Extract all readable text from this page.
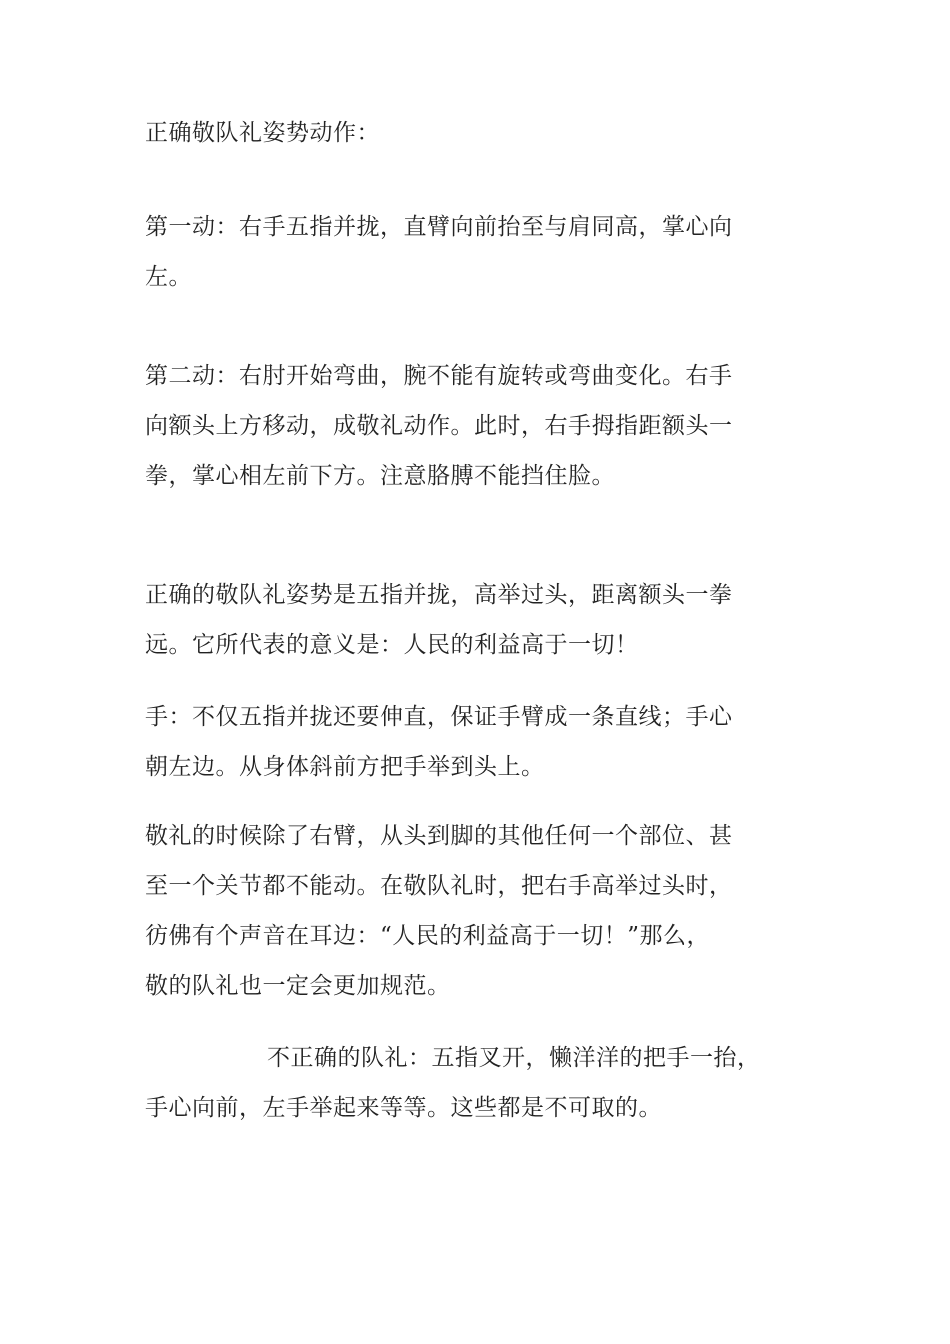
正确敬队礼姿势动作：

第一动：右手五指并拢，直臂向前抬至与肩同高，掌心向
左。

第二动：右肘开始弯曲，腕不能有旋转或弯曲变化。右手
向额头上方移动，成敬礼动作。此时，右手拇指距额头一
拳，掌心相左前下方。注意胳膊不能挡住脸。

正确的敬队礼姿势是五指并拢，高举过头，距离额头一拳
远。它所代表的意义是：人民的利益高于一切！

手：不仅五指并拢还要伸直，保证手臂成一条直线；手心
朝左边。从身体斜前方把手举到头上。

敬礼的时候除了右臂，从头到脚的其他任何一个部位、甚
至一个关节都不能动。在敬队礼时，把右手高举过头时，
彷佛有个声音在耳边：“人民的利益高于一切！”那么，
敬的队礼也一定会更加规范。

不正确的队礼：五指叉开，懒洋洋的把手一抬，
手心向前，左手举起来等等。这些都是不可取的。
